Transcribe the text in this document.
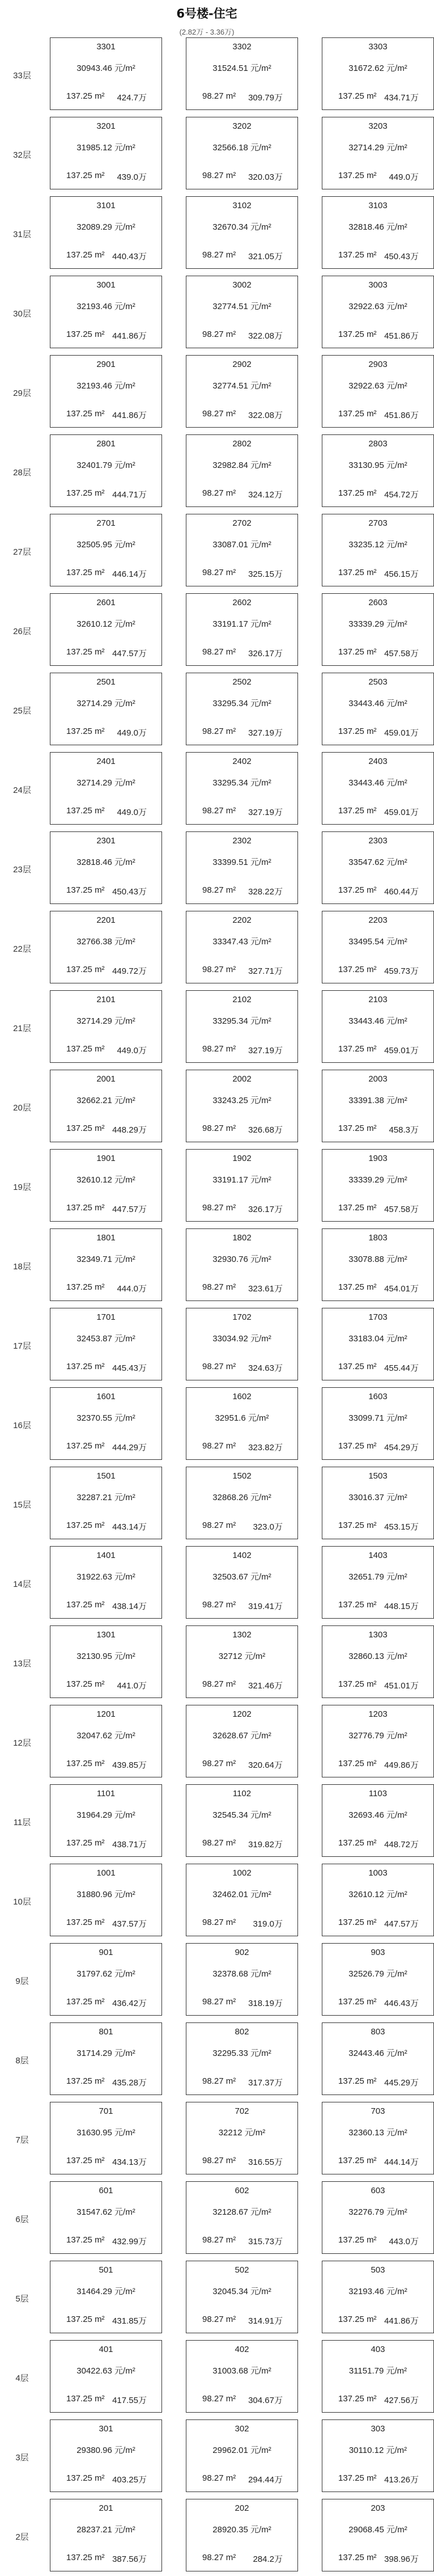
6号楼-住宅
(2.82万 - 3.36万)
33层
3301
30943.46 元/m²
137.25 m² 424.7万
3302
31524.51 元/m²
98.27 m² 309.79万
3303
31672.62 元/m²
137.25 m² 434.71万
32层
3201
31985.12 元/m²
137.25 m² 439.0万
3202
32566.18 元/m²
98.27 m² 320.03万
3203
32714.29 元/m²
137.25 m² 449.0万
31层
3101
32089.29 元/m²
137.25 m² 440.43万
3102
32670.34 元/m²
98.27 m² 321.05万
3103
32818.46 元/m²
137.25 m² 450.43万
30层
3001
32193.46 元/m²
137.25 m² 441.86万
3002
32774.51 元/m²
98.27 m² 322.08万
3003
32922.63 元/m²
137.25 m² 451.86万
29层
2901
32193.46 元/m²
137.25 m² 441.86万
2902
32774.51 元/m²
98.27 m² 322.08万
2903
32922.63 元/m²
137.25 m² 451.86万
28层
2801
32401.79 元/m²
137.25 m² 444.71万
2802
32982.84 元/m²
98.27 m² 324.12万
2803
33130.95 元/m²
137.25 m² 454.72万
27层
2701
32505.95 元/m²
137.25 m² 446.14万
2702
33087.01 元/m²
98.27 m² 325.15万
2703
33235.12 元/m²
137.25 m² 456.15万
26层
2601
32610.12 元/m²
137.25 m² 447.57万
2602
33191.17 元/m²
98.27 m² 326.17万
2603
33339.29 元/m²
137.25 m² 457.58万
25层
2501
32714.29 元/m²
137.25 m² 449.0万
2502
33295.34 元/m²
98.27 m² 327.19万
2503
33443.46 元/m²
137.25 m² 459.01万
24层
2401
32714.29 元/m²
137.25 m² 449.0万
2402
33295.34 元/m²
98.27 m² 327.19万
2403
33443.46 元/m²
137.25 m² 459.01万
23层
2301
32818.46 元/m²
137.25 m² 450.43万
2302
33399.51 元/m²
98.27 m² 328.22万
2303
33547.62 元/m²
137.25 m² 460.44万
22层
2201
32766.38 元/m²
137.25 m² 449.72万
2202
33347.43 元/m²
98.27 m² 327.71万
2203
33495.54 元/m²
137.25 m² 459.73万
21层
2101
32714.29 元/m²
137.25 m² 449.0万
2102
33295.34 元/m²
98.27 m² 327.19万
2103
33443.46 元/m²
137.25 m² 459.01万
20层
2001
32662.21 元/m²
137.25 m² 448.29万
2002
33243.25 元/m²
98.27 m² 326.68万
2003
33391.38 元/m²
137.25 m² 458.3万
19层
1901
32610.12 元/m²
137.25 m² 447.57万
1902
33191.17 元/m²
98.27 m² 326.17万
1903
33339.29 元/m²
137.25 m² 457.58万
18层
1801
32349.71 元/m²
137.25 m² 444.0万
1802
32930.76 元/m²
98.27 m² 323.61万
1803
33078.88 元/m²
137.25 m² 454.01万
17层
1701
32453.87 元/m²
137.25 m² 445.43万
1702
33034.92 元/m²
98.27 m² 324.63万
1703
33183.04 元/m²
137.25 m² 455.44万
16层
1601
32370.55 元/m²
137.25 m² 444.29万
1602
32951.6 元/m²
98.27 m² 323.82万
1603
33099.71 元/m²
137.25 m² 454.29万
15层
1501
32287.21 元/m²
137.25 m² 443.14万
1502
32868.26 元/m²
98.27 m² 323.0万
1503
33016.37 元/m²
137.25 m² 453.15万
14层
1401
31922.63 元/m²
137.25 m² 438.14万
1402
32503.67 元/m²
98.27 m² 319.41万
1403
32651.79 元/m²
137.25 m² 448.15万
13层
1301
32130.95 元/m²
137.25 m² 441.0万
1302
32712 元/m²
98.27 m² 321.46万
1303
32860.13 元/m²
137.25 m² 451.01万
12层
1201
32047.62 元/m²
137.25 m² 439.85万
1202
32628.67 元/m²
98.27 m² 320.64万
1203
32776.79 元/m²
137.25 m² 449.86万
11层
1101
31964.29 元/m²
137.25 m² 438.71万
1102
32545.34 元/m²
98.27 m² 319.82万
1103
32693.46 元/m²
137.25 m² 448.72万
10层
1001
31880.96 元/m²
137.25 m² 437.57万
1002
32462.01 元/m²
98.27 m² 319.0万
1003
32610.12 元/m²
137.25 m² 447.57万
9层
901
31797.62 元/m²
137.25 m² 436.42万
902
32378.68 元/m²
98.27 m² 318.19万
903
32526.79 元/m²
137.25 m² 446.43万
8层
801
31714.29 元/m²
137.25 m² 435.28万
802
32295.33 元/m²
98.27 m² 317.37万
803
32443.46 元/m²
137.25 m² 445.29万
7层
701
31630.95 元/m²
137.25 m² 434.13万
702
32212 元/m²
98.27 m² 316.55万
703
32360.13 元/m²
137.25 m² 444.14万
6层
601
31547.62 元/m²
137.25 m² 432.99万
602
32128.67 元/m²
98.27 m² 315.73万
603
32276.79 元/m²
137.25 m² 443.0万
5层
501
31464.29 元/m²
137.25 m² 431.85万
502
32045.34 元/m²
98.27 m² 314.91万
503
32193.46 元/m²
137.25 m² 441.86万
4层
401
30422.63 元/m²
137.25 m² 417.55万
402
31003.68 元/m²
98.27 m² 304.67万
403
31151.79 元/m²
137.25 m² 427.56万
3层
301
29380.96 元/m²
137.25 m² 403.25万
302
29962.01 元/m²
98.27 m² 294.44万
303
30110.12 元/m²
137.25 m² 413.26万
2层
201
28237.21 元/m²
137.25 m² 387.56万
202
28920.35 元/m²
98.27 m² 284.2万
203
29068.45 元/m²
137.25 m² 398.96万
